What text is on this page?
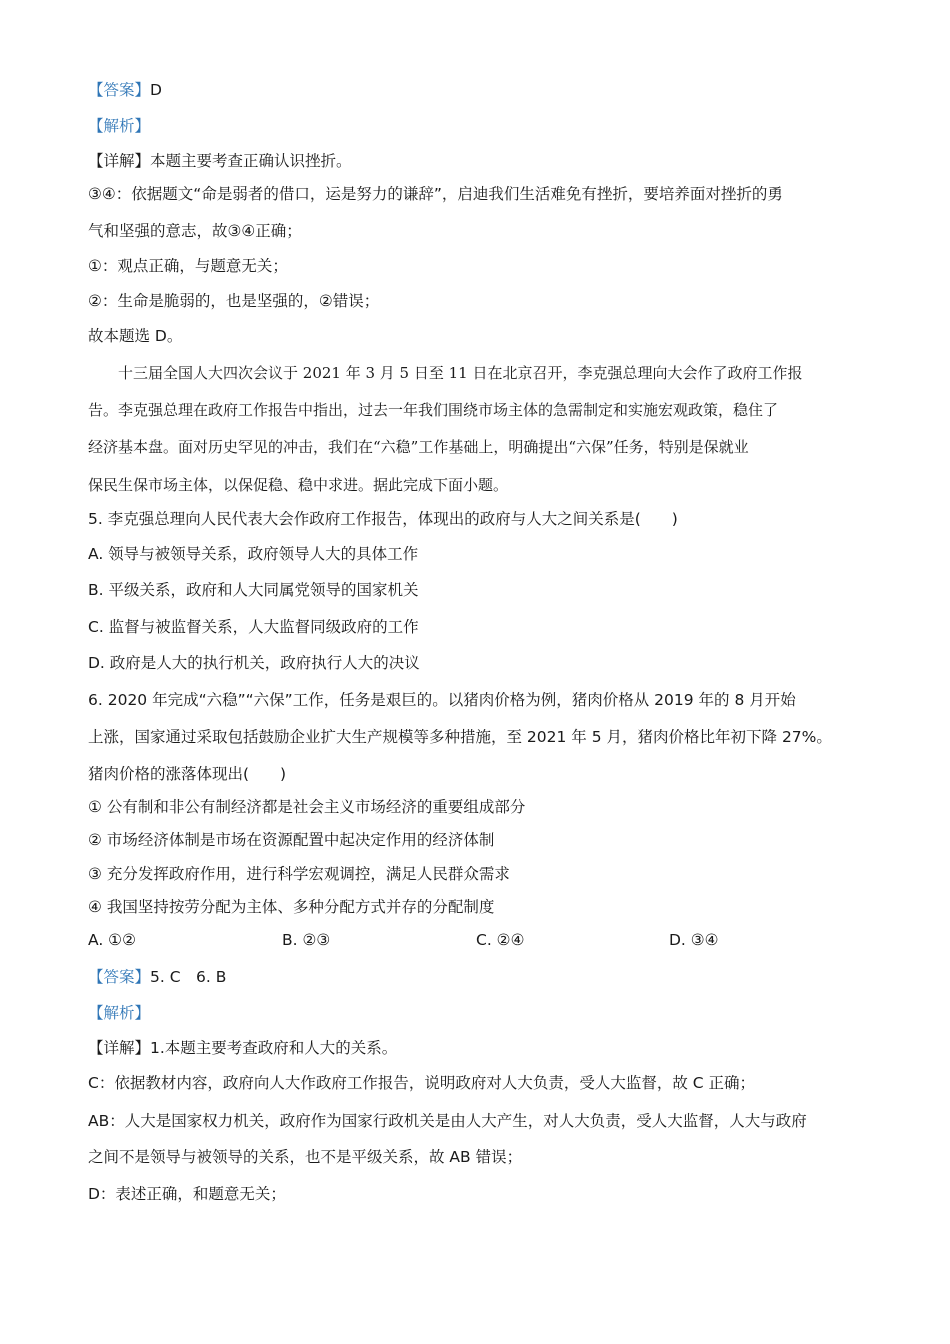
【答案】D
【解析】
【详解】本题主要考查正确认识挫折。
③④：依据题文“命是弱者的借口，运是努力的谦辞”，启迪我们生活难免有挫折，要培养面对挫折的勇
气和坚强的意志，故③④正确；
①：观点正确，与题意无关；
②：生命是脆弱的，也是坚强的，②错误；
故本题选 D。
十三届全国人大四次会议于 2021 年 3 月 5 日至 11 日在北京召开，李克强总理向大会作了政府工作报
告。李克强总理在政府工作报告中指出，过去一年我们围绕市场主体的急需制定和实施宏观政策，稳住了
经济基本盘。面对历史罕见的冲击，我们在“六稳”工作基础上，明确提出“六保”任务，特别是保就业
保民生保市场主体，以保促稳、稳中求进。据此完成下面小题。
5. 李克强总理向人民代表大会作政府工作报告，体现出的政府与人大之间关系是(　　)
A. 领导与被领导关系，政府领导人大的具体工作
B. 平级关系，政府和人大同属党领导的国家机关
C. 监督与被监督关系，人大监督同级政府的工作
D. 政府是人大的执行机关，政府执行人大的决议
6. 2020 年完成“六稳”“六保”工作，任务是艰巨的。以猪肉价格为例，猪肉价格从 2019 年的 8 月开始
上涨，国家通过采取包括鼓励企业扩大生产规模等多种措施，至 2021 年 5 月，猪肉价格比年初下降 27%。
猪肉价格的涨落体现出(　　)
① 公有制和非公有制经济都是社会主义市场经济的重要组成部分
② 市场经济体制是市场在资源配置中起决定作用的经济体制
③ 充分发挥政府作用，进行科学宏观调控，满足人民群众需求
④ 我国坚持按劳分配为主体、多种分配方式并存的分配制度
A. ①②	B. ②③	C. ②④	D. ③④
【答案】5. C　6. B
【解析】
【详解】1.本题主要考查政府和人大的关系。
C：依据教材内容，政府向人大作政府工作报告，说明政府对人大负责，受人大监督，故 C 正确；
AB：人大是国家权力机关，政府作为国家行政机关是由人大产生，对人大负责，受人大监督，人大与政府
之间不是领导与被领导的关系，也不是平级关系，故 AB 错误；
D：表述正确，和题意无关；
